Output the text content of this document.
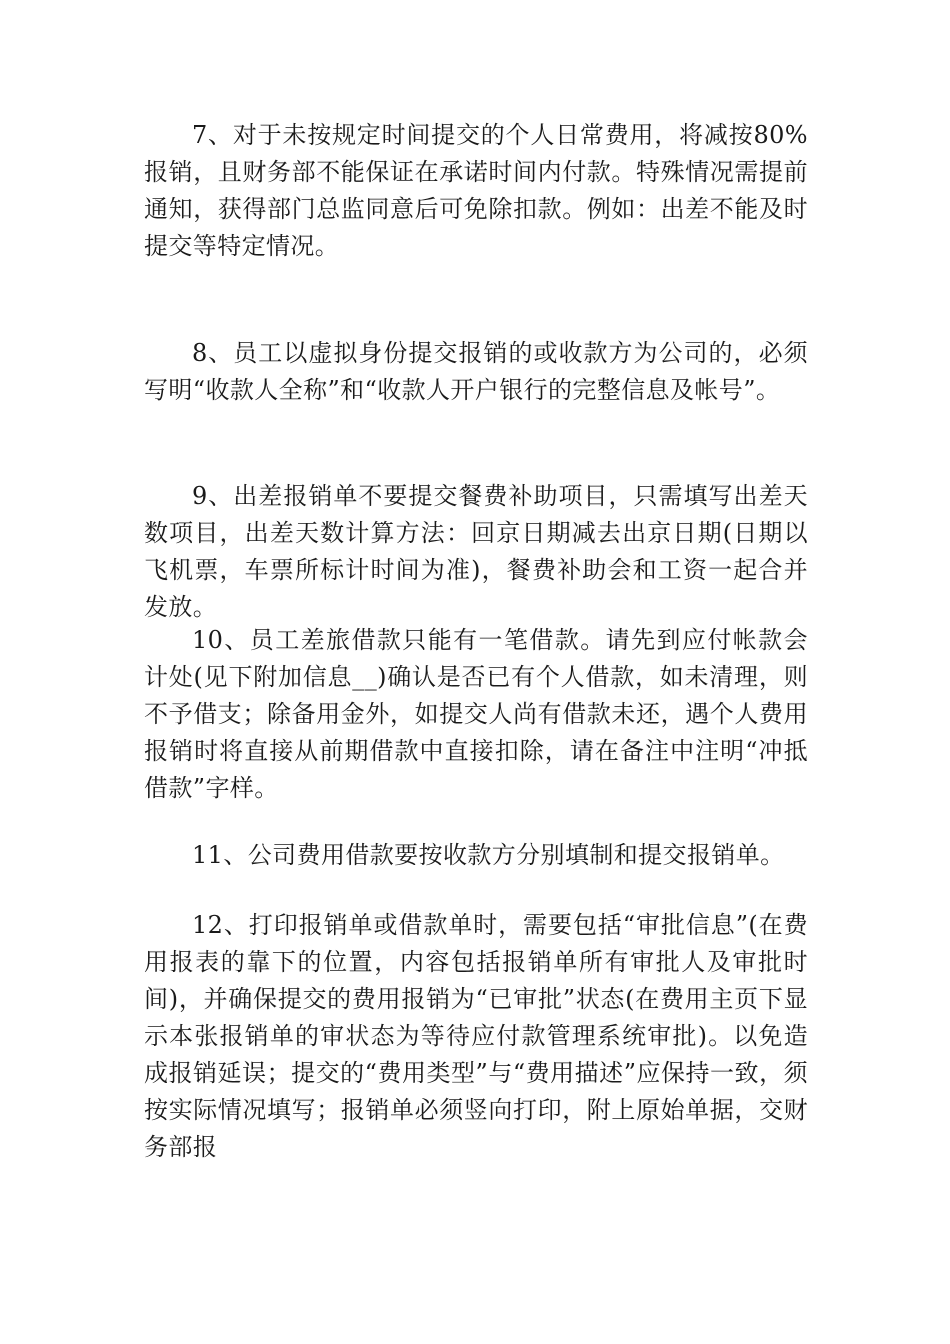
7、对于未按规定时间提交的个人日常费用，将减按80%报销，且财务部不能保证在承诺时间内付款。特殊情况需提前通知，获得部门总监同意后可免除扣款。例如：出差不能及时提交等特定情况。

8、员工以虚拟身份提交报销的或收款方为公司的，必须写明“收款人全称”和“收款人开户银行的完整信息及帐号”。

9、出差报销单不要提交餐费补助项目，只需填写出差天数项目，出差天数计算方法：回京日期减去出京日期(日期以飞机票，车票所标计时间为准)，餐费补助会和工资一起合并发放。

10、员工差旅借款只能有一笔借款。请先到应付帐款会计处(见下附加信息__)确认是否已有个人借款，如未清理，则不予借支；除备用金外，如提交人尚有借款未还，遇个人费用报销时将直接从前期借款中直接扣除，请在备注中注明“冲抵借款”字样。

11、公司费用借款要按收款方分别填制和提交报销单。

12、打印报销单或借款单时，需要包括“审批信息”(在费用报表的靠下的位置，内容包括报销单所有审批人及审批时间)，并确保提交的费用报销为“已审批”状态(在费用主页下显示本张报销单的审状态为等待应付款管理系统审批)。以免造成报销延误；提交的“费用类型”与“费用描述”应保持一致，须按实际情况填写；报销单必须竖向打印，附上原始单据，交财务部报
